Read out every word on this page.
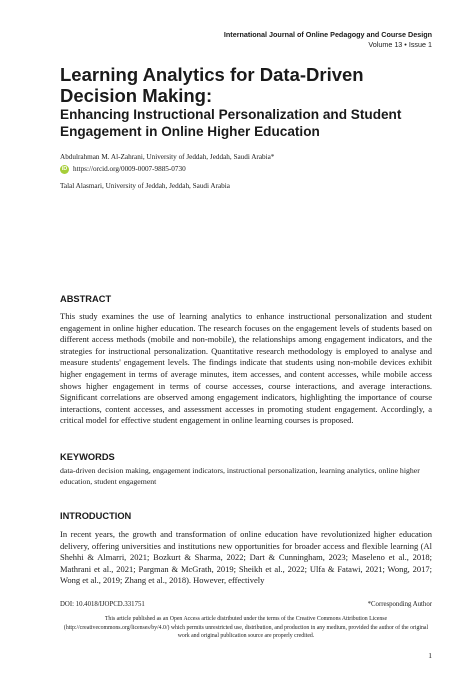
International Journal of Online Pedagogy and Course Design
Volume 13 • Issue 1
Learning Analytics for Data-Driven Decision Making:
Enhancing Instructional Personalization and Student Engagement in Online Higher Education
Abdulrahman M. Al-Zahrani, University of Jeddah, Jeddah, Saudi Arabia*
iD https://orcid.org/0009-0007-9885-0730
Talal Alasmari, University of Jeddah, Jeddah, Saudi Arabia
ABSTRACT
This study examines the use of learning analytics to enhance instructional personalization and student engagement in online higher education. The research focuses on the engagement levels of students based on different access methods (mobile and non-mobile), the relationships among engagement indicators, and the strategies for instructional personalization. Quantitative research methodology is employed to analyse and measure students' engagement levels. The findings indicate that students using non-mobile devices exhibit higher engagement in terms of average minutes, item accesses, and content accesses, while mobile access shows higher engagement in terms of course accesses, course interactions, and average interactions. Significant correlations are observed among engagement indicators, highlighting the importance of course interactions, content accesses, and assessment accesses in promoting student engagement. Accordingly, a critical model for effective student engagement in online learning courses is proposed.
KEYWORDS
data-driven decision making, engagement indicators, instructional personalization, learning analytics, online higher education, student engagement
INTRODUCTION
In recent years, the growth and transformation of online education have revolutionized higher education delivery, offering universities and institutions new opportunities for broader access and flexible learning (Al Shehhi & Almarri, 2021; Bozkurt & Sharma, 2022; Dart & Cunningham, 2023; Maseleno et al., 2018; Mathrani et al., 2021; Pargman & McGrath, 2019; Sheikh et al., 2022; Ulfa & Fatawi, 2021; Wong, 2017; Wong et al., 2019; Zhang et al., 2018). However, effectively
DOI: 10.4018/IJOPCD.331751	*Corresponding Author
This article published as an Open Access article distributed under the terms of the Creative Commons Attribution License (http://creativecommons.org/licenses/by/4.0/) which permits unrestricted use, distribution, and production in any medium, provided the author of the original work and original publication source are properly credited.
1
